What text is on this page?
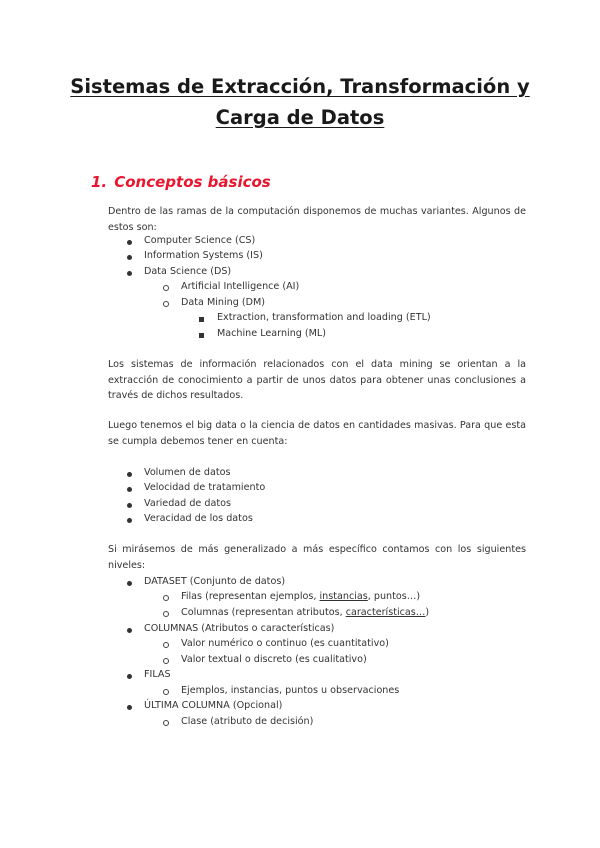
Sistemas de Extracción, Transformación y
Carga de Datos
1. Conceptos básicos

Dentro de las ramas de la computación disponemos de muchas variantes. Algunos de estos son:

Computer Science (CS)

Information Systems (IS)

Data Science (DS)

Artificial Intelligence (AI)

Data Mining (DM)

Extraction, transformation and loading (ETL)

Machine Learning (ML)

Los sistemas de información relacionados con el data mining se orientan a la extracción de conocimiento a partir de unos datos para obtener unas conclusiones a través de dichos resultados.

Luego tenemos el big data o la ciencia de datos en cantidades masivas. Para que esta se cumpla debemos tener en cuenta:

Volumen de datos

Velocidad de tratamiento

Variedad de datos

Veracidad de los datos

Si mirásemos de más generalizado a más específico contamos con los siguientes niveles:

DATASET (Conjunto de datos)

Filas (representan ejemplos, instancias, puntos…)

Columnas (representan atributos, características…)

COLUMNAS (Atributos o características)

Valor numérico o continuo (es cuantitativo)

Valor textual o discreto (es cualitativo)

FILAS

Ejemplos, instancias, puntos u observaciones

ÚLTIMA COLUMNA (Opcional)

Clase (atributo de decisión)
